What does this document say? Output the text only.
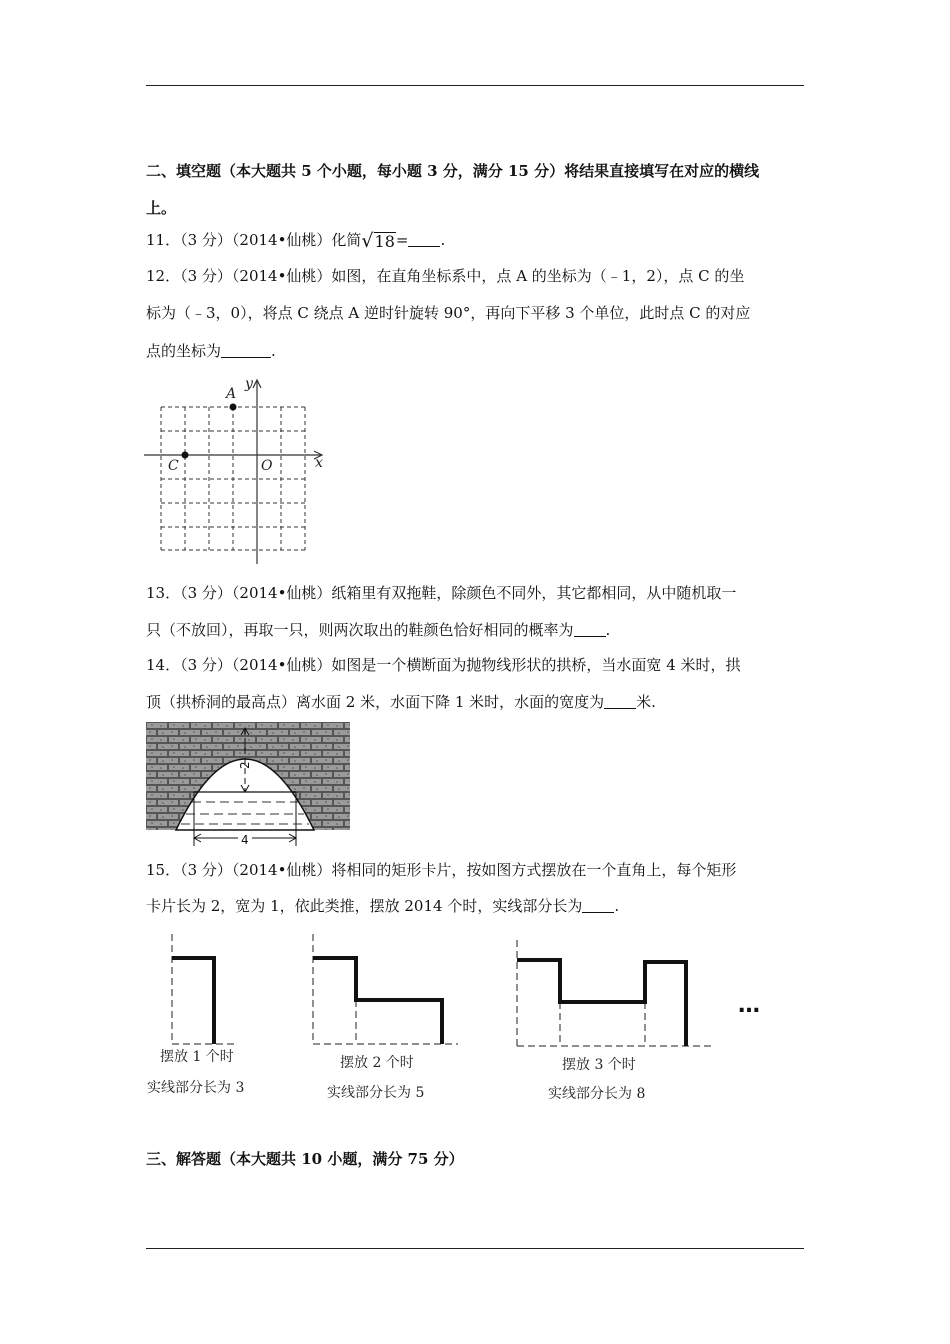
二、填空题（本大题共 5 个小题，每小题 3 分，满分 15 分）将结果直接填写在对应的横线
上。
11．（3 分）（2014•仙桃）化简√18= .
12．（3 分）（2014•仙桃）如图，在直角坐标系中，点 A 的坐标为（﹣1，2），点 C 的坐
标为（﹣3，0），将点 C 绕点 A 逆时针旋转 90°，再向下平移 3 个单位，此时点 C 的对应
点的坐标为	.
A
C	O	x
y
13．（3 分）（2014•仙桃）纸箱里有双拖鞋，除颜色不同外，其它都相同，从中随机取一
只（不放回），再取一只，则两次取出的鞋颜色恰好相同的概率为 .
14．（3 分）（2014•仙桃）如图是一个横断面为抛物线形状的拱桥，当水面宽 4 米时，拱
顶（拱桥洞的最高点）离水面 2 米，水面下降 1 米时，水面的宽度为 米.
2
4
15．（3 分）（2014•仙桃）将相同的矩形卡片，按如图方式摆放在一个直角上，每个矩形
卡片长为 2，宽为 1，依此类推，摆放 2014 个时，实线部分长为 .
…
摆放 1 个时
实线部分长为 3
摆放 2 个时
实线部分长为 5
摆放 3 个时
实线部分长为 8
三、解答题（本大题共 10 小题，满分 75 分）
